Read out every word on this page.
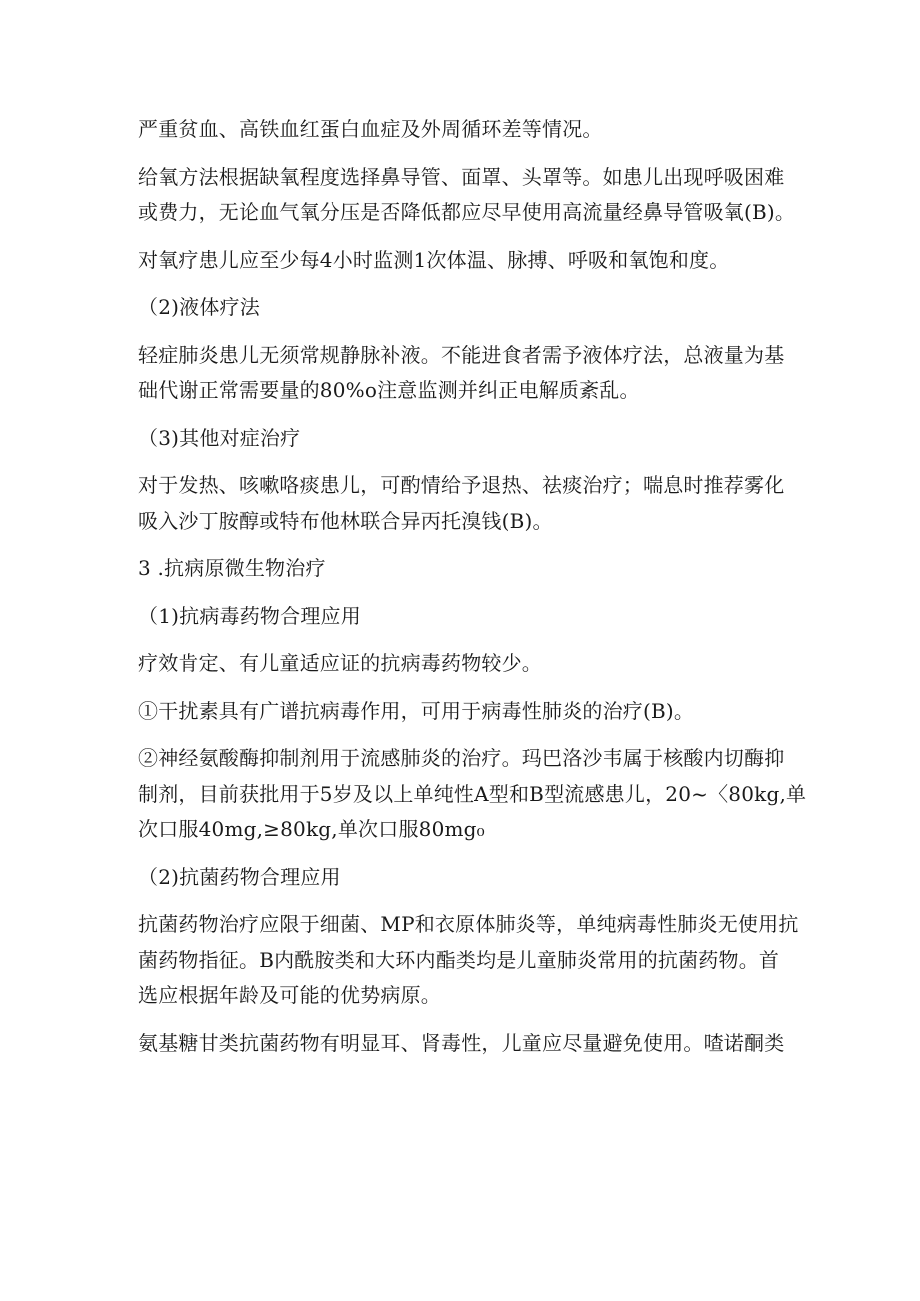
严重贫血、高铁血红蛋白血症及外周循环差等情况。

给氧方法根据缺氧程度选择鼻导管、面罩、头罩等。如患儿出现呼吸困难
或费力，无论血气氧分压是否降低都应尽早使用高流量经鼻导管吸氧(B)。

对氧疗患儿应至少每4小时监测1次体温、脉搏、呼吸和氧饱和度。

（2)液体疗法

轻症肺炎患儿无须常规静脉补液。不能进食者需予液体疗法，总液量为基
础代谢正常需要量的80%o注意监测并纠正电解质紊乱。

（3)其他对症治疗

对于发热、咳嗽咯痰患儿，可酌情给予退热、祛痰治疗；喘息时推荐雾化
吸入沙丁胺醇或特布他林联合异丙托溴钱(B)。

3 .抗病原微生物治疗

（1)抗病毒药物合理应用

疗效肯定、有儿童适应证的抗病毒药物较少。

①干扰素具有广谱抗病毒作用，可用于病毒性肺炎的治疗(B)。

②神经氨酸酶抑制剂用于流感肺炎的治疗。玛巴洛沙韦属于核酸内切酶抑
制剂，目前获批用于5岁及以上单纯性A型和B型流感患儿，20~〈80kg,单
次口服40mg,≥80kg,单次口服80mg₀

（2)抗菌药物合理应用

抗菌药物治疗应限于细菌、MP和衣原体肺炎等，单纯病毒性肺炎无使用抗
菌药物指征。B内酰胺类和大环内酯类均是儿童肺炎常用的抗菌药物。首
选应根据年龄及可能的优势病原。

氨基糖甘类抗菌药物有明显耳、肾毒性，儿童应尽量避免使用。喳诺酮类
